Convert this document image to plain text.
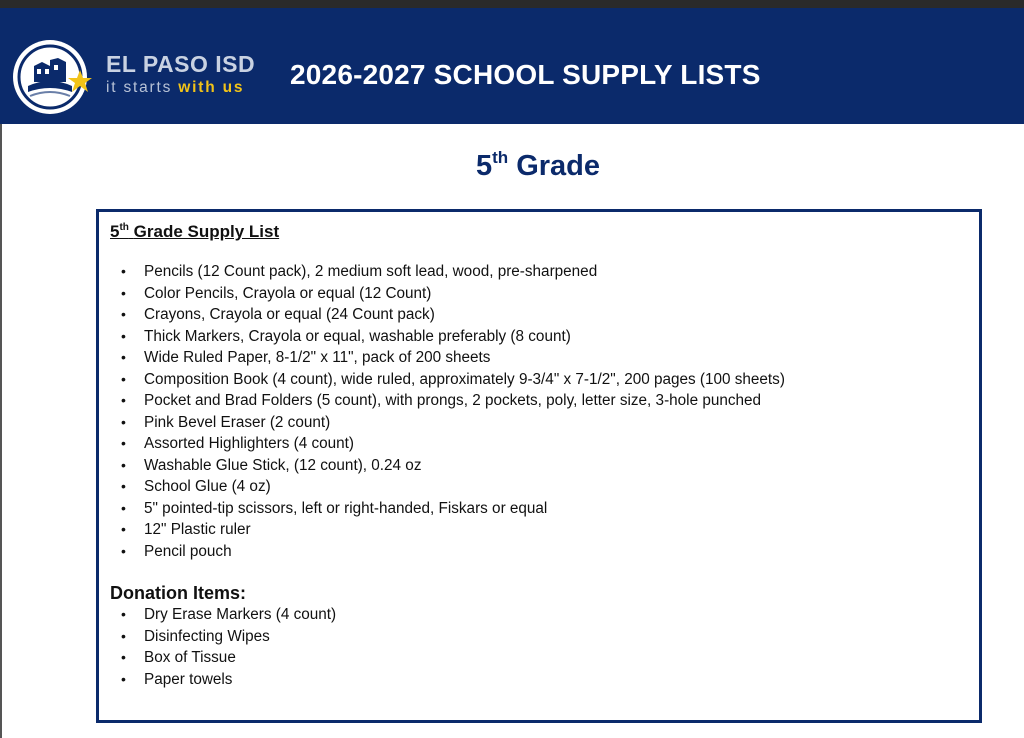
EL PASO ISD
it starts with us	2026-2027 SCHOOL SUPPLY LISTS
5th Grade
5th Grade Supply List
• Pencils (12 Count pack), 2 medium soft lead, wood, pre-sharpened
• Color Pencils, Crayola or equal (12 Count)
• Crayons, Crayola or equal (24 Count pack)
• Thick Markers, Crayola or equal, washable preferably (8 count)
• Wide Ruled Paper, 8-1/2" x 11", pack of 200 sheets
• Composition Book (4 count), wide ruled, approximately 9-3/4" x 7-1/2", 200 pages (100 sheets)
• Pocket and Brad Folders (5 count), with prongs, 2 pockets, poly, letter size, 3-hole punched
• Pink Bevel Eraser (2 count)
• Assorted Highlighters (4 count)
• Washable Glue Stick, (12 count), 0.24 oz
• School Glue (4 oz)
• 5" pointed-tip scissors, left or right-handed, Fiskars or equal
• 12" Plastic ruler
• Pencil pouch
Donation Items:
• Dry Erase Markers (4 count)
• Disinfecting Wipes
• Box of Tissue
• Paper towels
